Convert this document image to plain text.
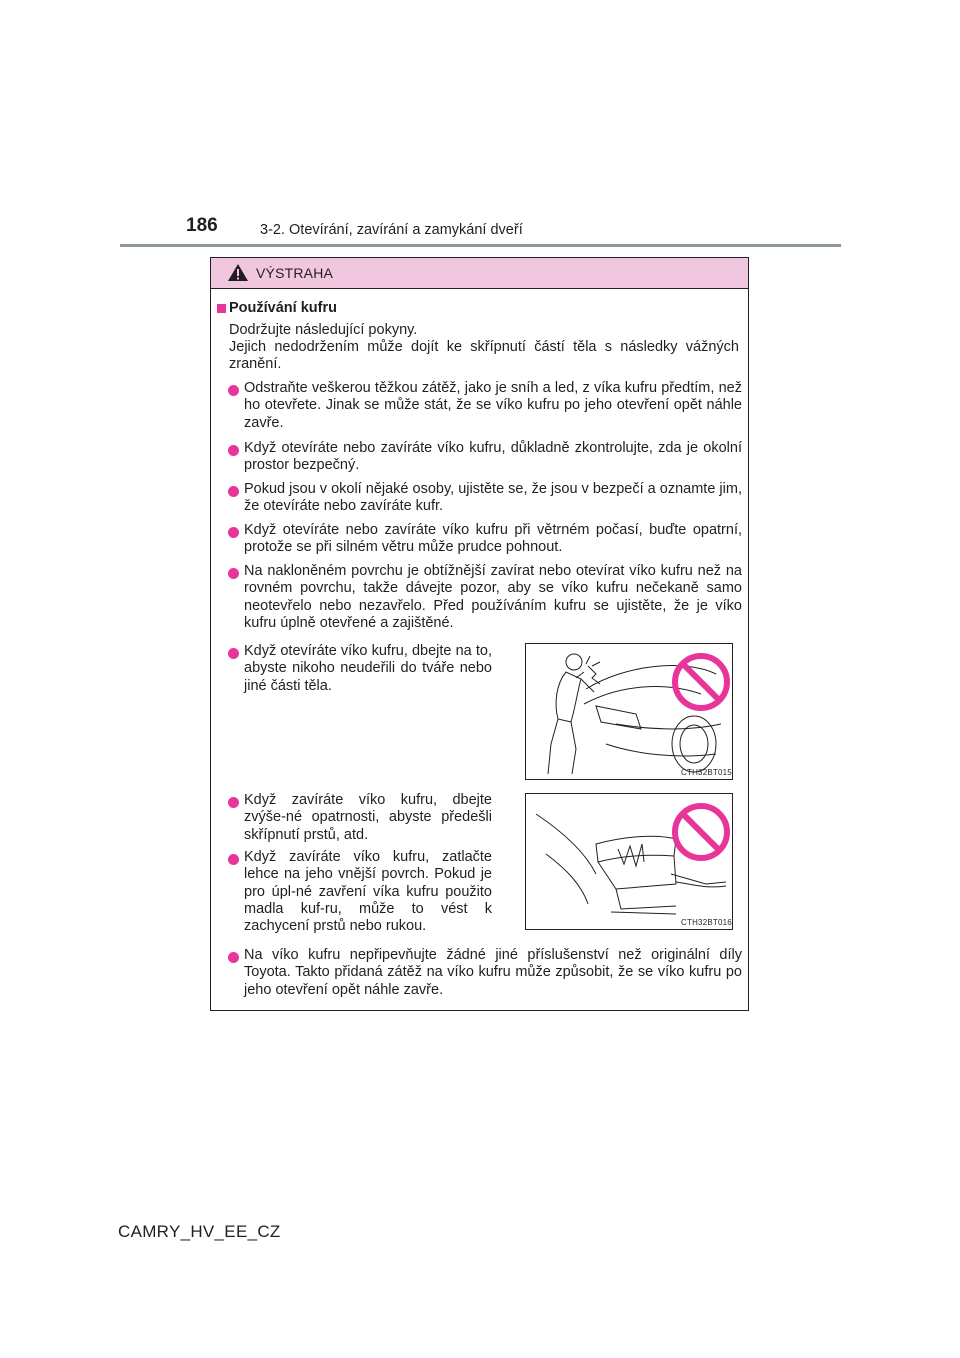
186	3-2. Otevírání, zavírání a zamykání dveří
VÝSTRAHA
Používání kufru
Dodržujte následující pokyny.
Jejich nedodržením může dojít ke skřípnutí částí těla s následky vážných zranění.
Odstraňte veškerou těžkou zátěž, jako je sníh a led, z víka kufru předtím, než ho otevřete. Jinak se může stát, že se víko kufru po jeho otevření opět náhle zavře.
Když otevíráte nebo zavíráte víko kufru, důkladně zkontrolujte, zda je okolní prostor bezpečný.
Pokud jsou v okolí nějaké osoby, ujistěte se, že jsou v bezpečí a oznamte jim, že otevíráte nebo zavíráte kufr.
Když otevíráte nebo zavíráte víko kufru při větrném počasí, buďte opatrní, protože se při silném větru může prudce pohnout.
Na nakloněném povrchu je obtížnější zavírat nebo otevírat víko kufru než na rovném povrchu, takže dávejte pozor, aby se víko kufru nečekaně samo neotevřelo nebo nezavřelo. Před používáním kufru se ujistěte, že je víko kufru úplně otevřené a zajištěné.
Když otevíráte víko kufru, dbejte na to, abyste nikoho neudeřili do tváře nebo jiné části těla.
CTH32BT015
Když zavíráte víko kufru, dbejte zvýše-né opatrnosti, abyste předešli skřípnutí prstů, atd.
CTH32BT016
Když zavíráte víko kufru, zatlačte lehce na jeho vnější povrch. Pokud je pro úpl-né zavření víka kufru použito madla kuf-ru, může to vést k zachycení prstů nebo rukou.
Na víko kufru nepřipevňujte žádné jiné příslušenství než originální díly Toyota. Takto přidaná zátěž na víko kufru může způsobit, že se víko kufru po jeho otevření opět náhle zavře.
CAMRY_HV_EE_CZ
